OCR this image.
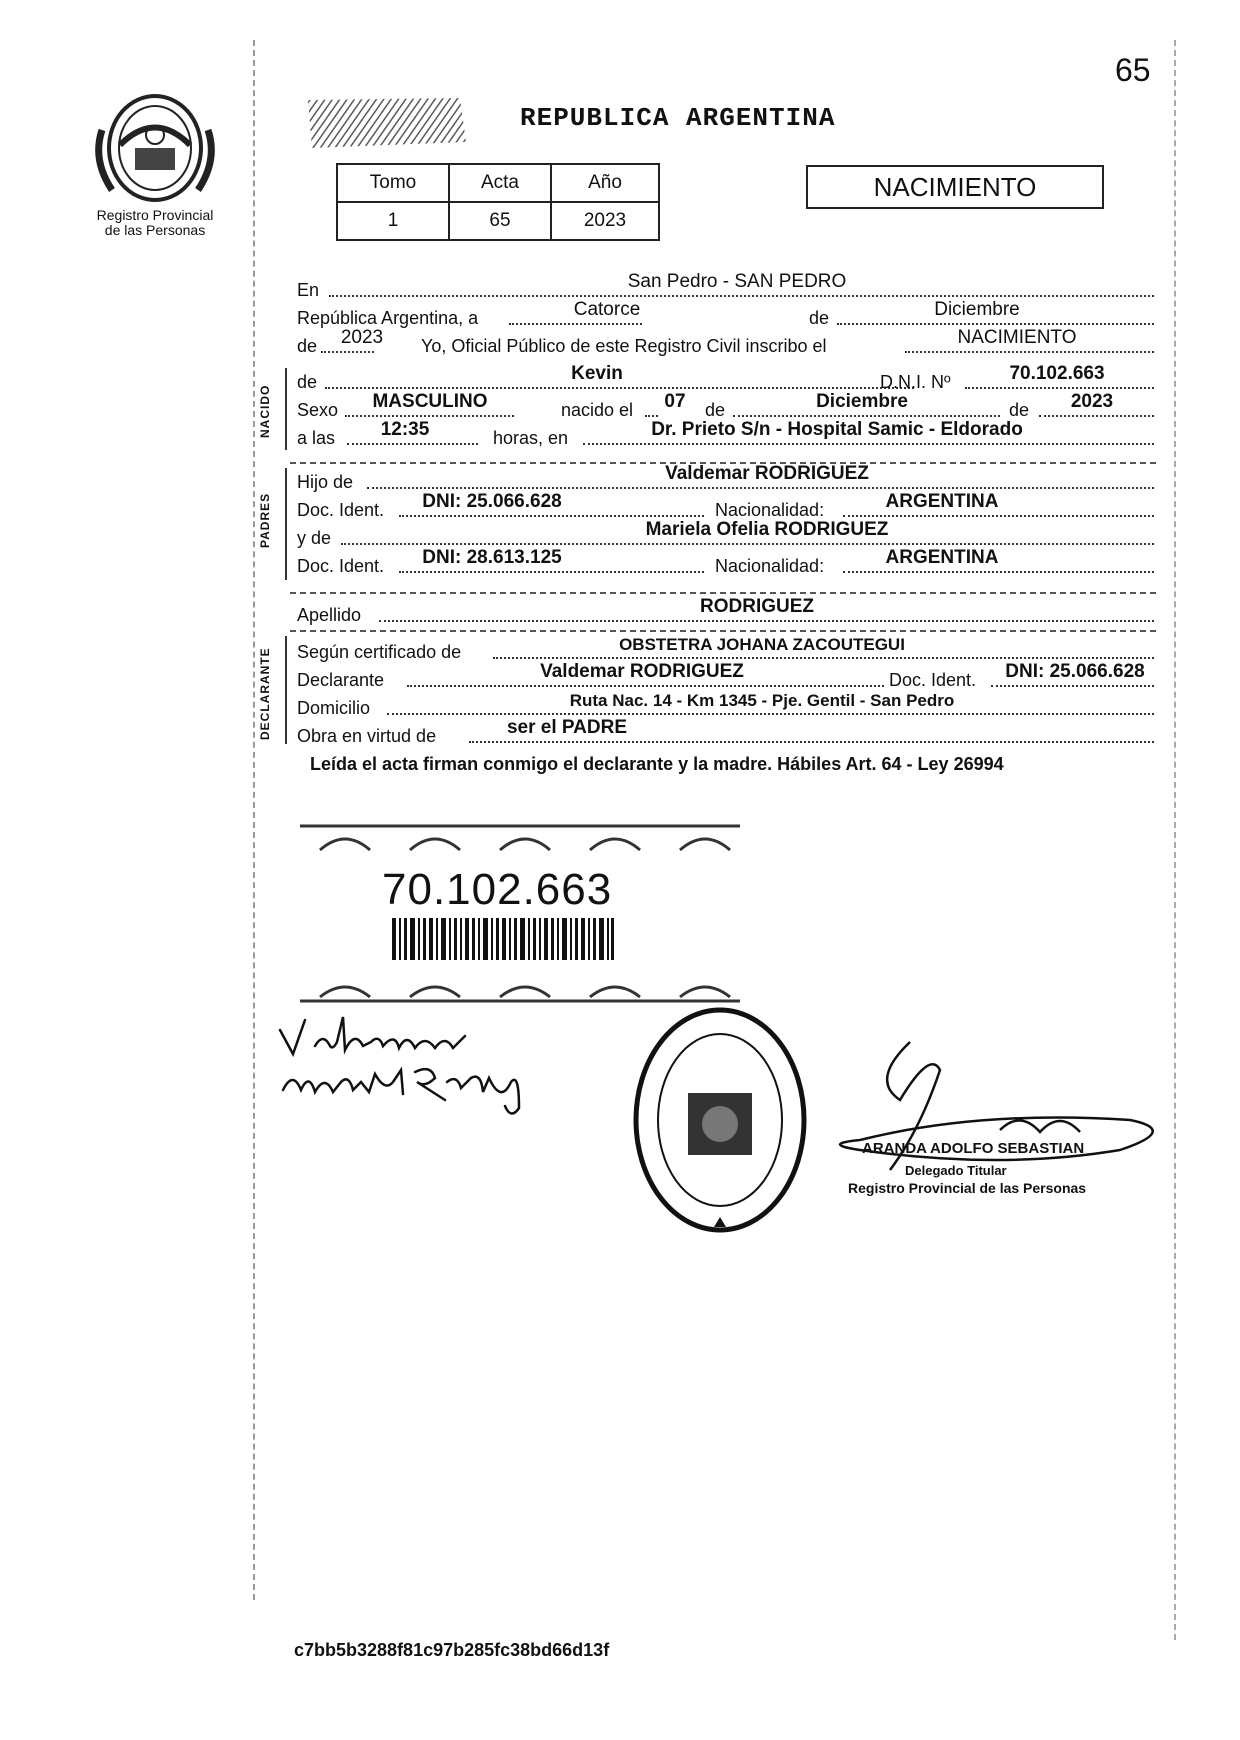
65
Registro Provincial
de las Personas
REPUBLICA ARGENTINA
Tomo	Acta	Año
1	65	2023
NACIMIENTO
En	San Pedro - SAN PEDRO
República Argentina, a	Catorce	de	Diciembre
de	2023	Yo, Oficial Público de este Registro Civil inscribo el	NACIMIENTO
NACIDO
de	Kevin	D.N.I. Nº	70.102.663
Sexo	MASCULINO	nacido el	07	de	Diciembre	de	2023
a las	12:35	horas, en	Dr. Prieto S/n - Hospital Samic - Eldorado
PADRES
Hijo de	Valdemar RODRIGUEZ
Doc. Ident.	DNI: 25.066.628	Nacionalidad:	ARGENTINA
y de	Mariela Ofelia RODRIGUEZ
Doc. Ident.	DNI: 28.613.125	Nacionalidad:	ARGENTINA
Apellido	RODRIGUEZ
DECLARANTE Según certificado de	OBSTETRA JOHANA ZACOUTEGUI
Declarante	Valdemar RODRIGUEZ	Doc. Ident.	DNI: 25.066.628
Domicilio	Ruta Nac. 14 - Km 1345 - Pje. Gentil - San Pedro
Obra en virtud de	ser el PADRE
Leída el acta firman conmigo el declarante y la madre. Hábiles Art. 64 - Ley 26994
70.102.663
ARANDA ADOLFO SEBASTIAN
Delegado Titular
Registro Provincial de las Personas
c7bb5b3288f81c97b285fc38bd66d13f
